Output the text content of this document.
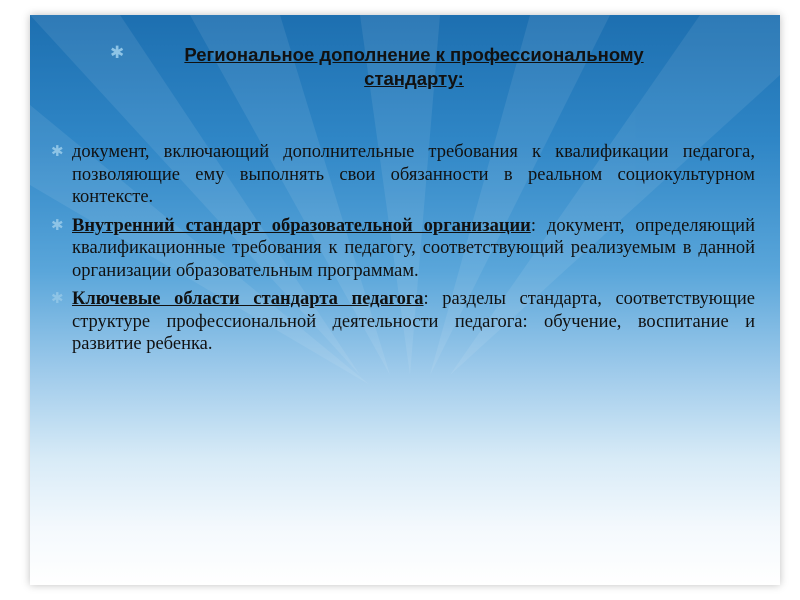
✱	Региональное дополнение к профессиональному
стандарту:
✱ документ, включающий дополнительные требования к квалификации педагога, позволяющие ему выполнять свои обязанности в реальном социокультурном контексте.

✱ Внутренний стандарт образовательной организации: документ, определяющий квалификационные требования к педагогу, соответствующий реализуемым в данной организации образовательным программам.

✱ Ключевые области стандарта педагога: разделы стандарта, соответствующие структуре профессиональной деятельности педагога: обучение, воспитание и развитие ребенка.
